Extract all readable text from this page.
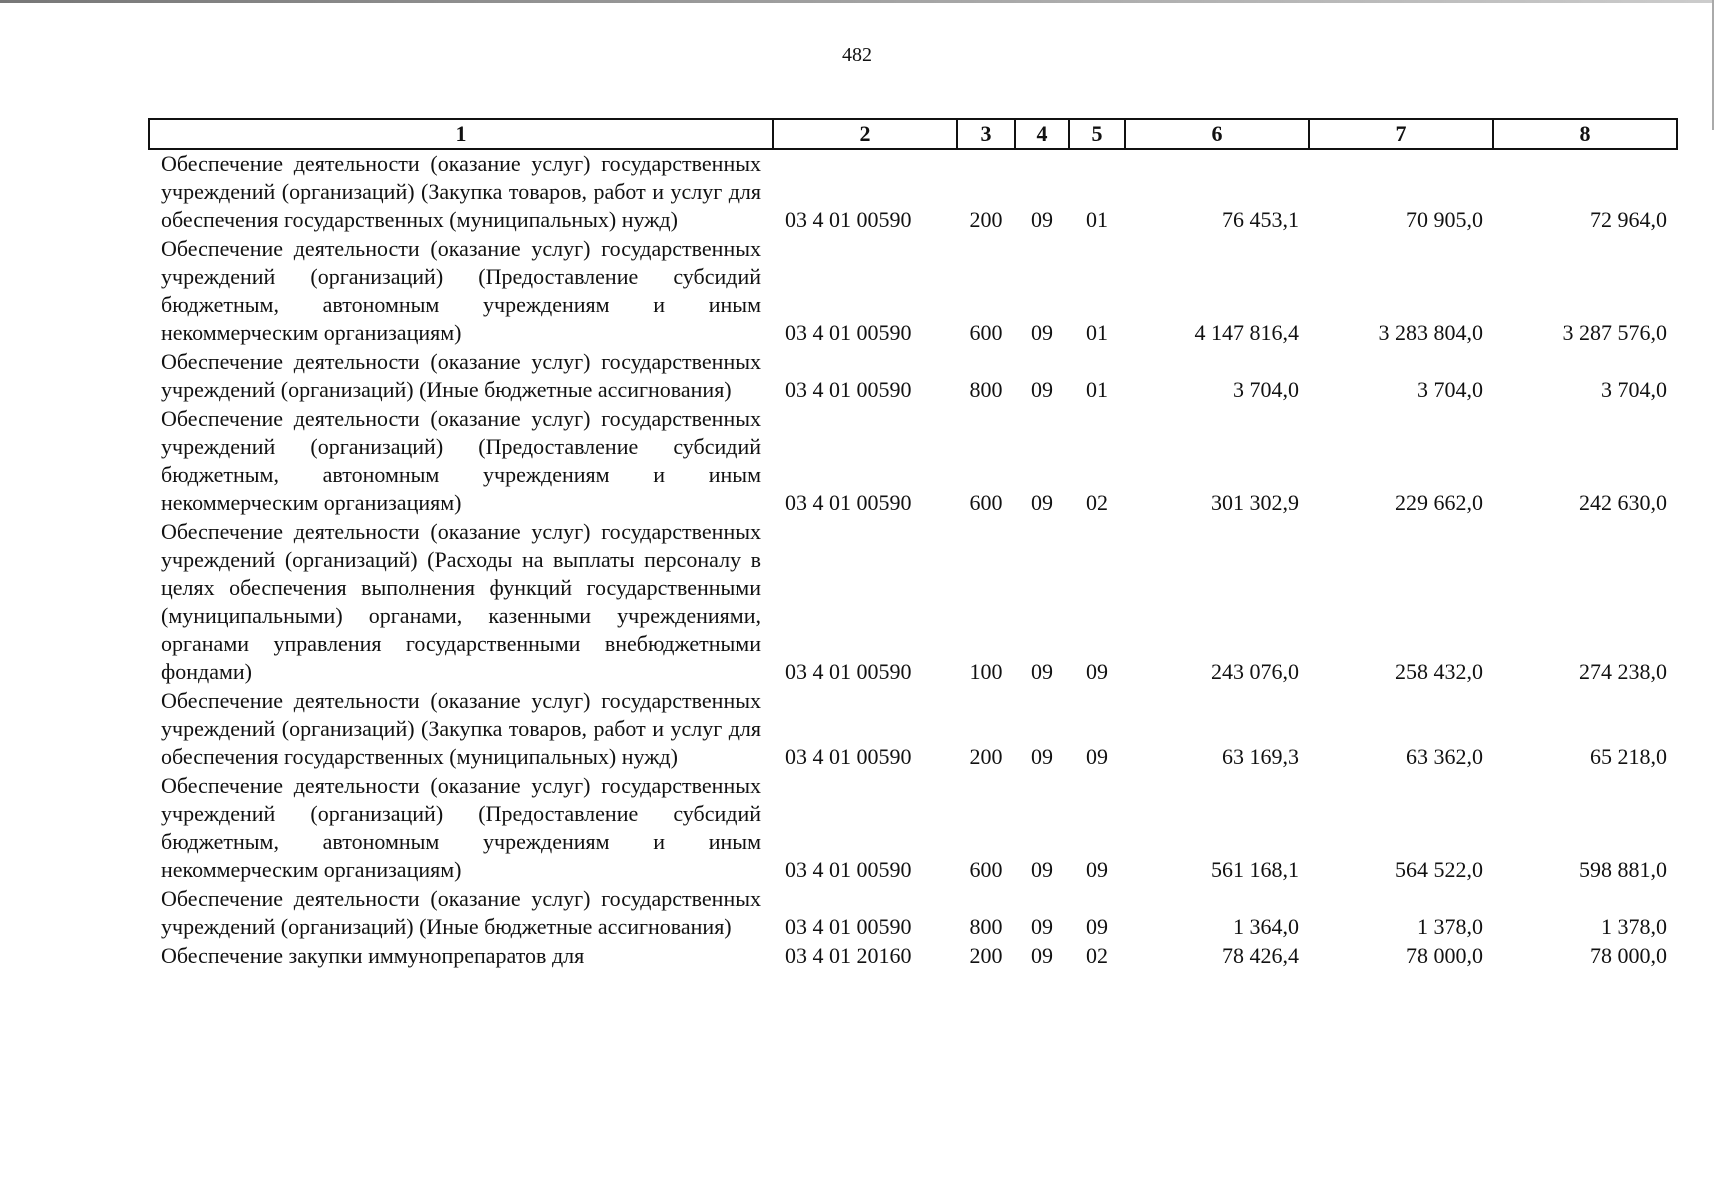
482
1	2	3	4	5	6	7	8
Обеспечение деятельности (оказание услуг) государственных учреждений (организаций) (Закупка товаров, работ и услуг для обеспечения государственных (муниципальных) нужд)	03 4 01 00590	200	09	01	76 453,1	70 905,0	72 964,0
Обеспечение деятельности (оказание услуг) государственных учреждений (организаций) (Предоставление субсидий бюджетным, автономным учреждениям и иным некоммерческим организациям)	03 4 01 00590	600	09	01	4 147 816,4	3 283 804,0	3 287 576,0
Обеспечение деятельности (оказание услуг) государственных учреждений (организаций) (Иные бюджетные ассигнования)	03 4 01 00590	800	09	01	3 704,0	3 704,0	3 704,0
Обеспечение деятельности (оказание услуг) государственных учреждений (организаций) (Предоставление субсидий бюджетным, автономным учреждениям и иным некоммерческим организациям)	03 4 01 00590	600	09	02	301 302,9	229 662,0	242 630,0
Обеспечение деятельности (оказание услуг) государственных учреждений (организаций) (Расходы на выплаты персоналу в целях обеспечения выполнения функций государственными (муниципальными) органами, казенными учреждениями, органами управления государственными внебюджетными фондами)	03 4 01 00590	100	09	09	243 076,0	258 432,0	274 238,0
Обеспечение деятельности (оказание услуг) государственных учреждений (организаций) (Закупка товаров, работ и услуг для обеспечения государственных (муниципальных) нужд)	03 4 01 00590	200	09	09	63 169,3	63 362,0	65 218,0
Обеспечение деятельности (оказание услуг) государственных учреждений (организаций) (Предоставление субсидий бюджетным, автономным учреждениям и иным некоммерческим организациям)	03 4 01 00590	600	09	09	561 168,1	564 522,0	598 881,0
Обеспечение деятельности (оказание услуг) государственных учреждений (организаций) (Иные бюджетные ассигнования)	03 4 01 00590	800	09	09	1 364,0	1 378,0	1 378,0
Обеспечение закупки иммунопрепаратов для	03 4 01 20160	200	09	02	78 426,4	78 000,0	78 000,0
